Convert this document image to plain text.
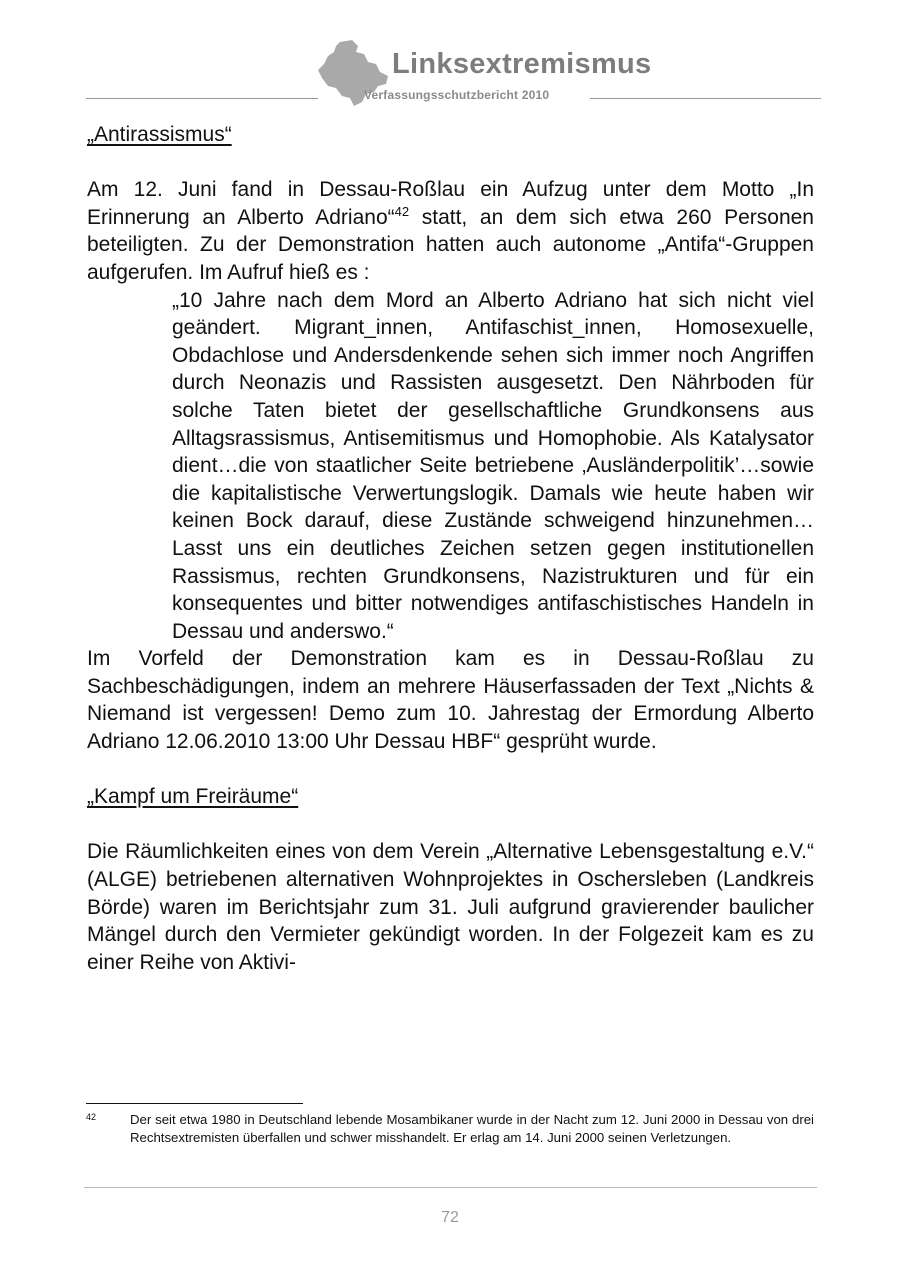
Linksextremismus
Verfassungsschutzbericht 2010

„Antirassismus“

Am 12. Juni fand in Dessau-Roßlau ein Aufzug unter dem Motto „In Erinnerung an Alberto Adriano“$^{42}$ statt, an dem sich etwa 260 Personen beteiligten. Zu der Demonstration hatten auch autonome „Antifa“-Gruppen aufgerufen. Im Aufruf hieß es :

„10 Jahre nach dem Mord an Alberto Adriano hat sich nicht viel geändert. Migrant_innen, Antifaschist_innen, Homosexuelle, Obdachlose und Andersdenkende sehen sich immer noch Angriffen durch Neonazis und Rassisten ausgesetzt. Den Nährboden für solche Taten bietet der gesellschaftliche Grundkonsens aus Alltagsrassismus, Antisemitismus und Homophobie. Als Katalysator dient…die von staatlicher Seite betriebene ‚Ausländerpolitik’…sowie die kapitalistische Verwertungslogik. Damals wie heute haben wir keinen Bock darauf, diese Zustände schweigend hinzunehmen…Lasst uns ein deutliches Zeichen setzen gegen institutionellen Rassismus, rechten Grundkonsens, Nazistrukturen und für ein konsequentes und bitter notwendiges antifaschistisches Handeln in Dessau und anderswo.“

Im Vorfeld der Demonstration kam es in Dessau-Roßlau zu Sachbeschädigungen, indem an mehrere Häuserfassaden der Text „Nichts & Niemand ist vergessen! Demo zum 10. Jahrestag der Ermordung Alberto Adriano 12.06.2010 13:00 Uhr Dessau HBF“ gesprüht wurde.

„Kampf um Freiräume“

Die Räumlichkeiten eines von dem Verein „Alternative Lebensgestaltung e.V.“ (ALGE) betriebenen alternativen Wohnprojektes in Oschersleben (Landkreis Börde) waren im Berichtsjahr zum 31. Juli aufgrund gravierender baulicher Mängel durch den Vermieter gekündigt worden. In der Folgezeit kam es zu einer Reihe von Aktivi-

42	Der seit etwa 1980 in Deutschland lebende Mosambikaner wurde in der Nacht zum 12. Juni 2000 in Dessau von drei Rechtsextremisten überfallen und schwer misshandelt. Er erlag am 14. Juni 2000 seinen Verletzungen.
72
